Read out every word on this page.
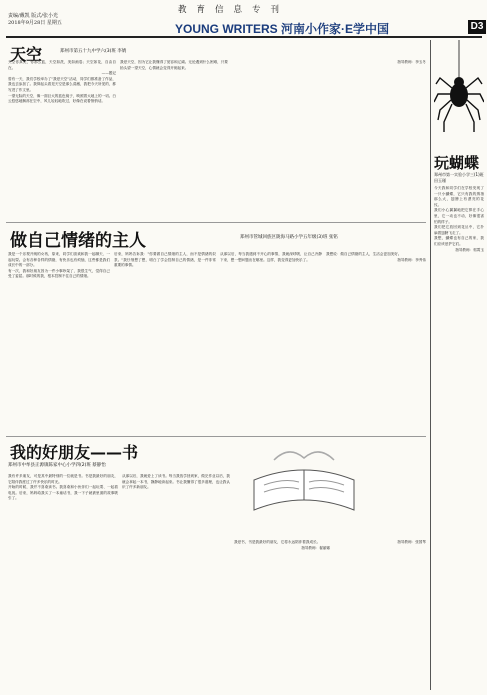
教育信息专刊
责编/戴凯 版式/张小光
2018年9月28日 星期五	YOUNG WRITERS 河南小作家·E学中国	D3
天空	郑州市第五十九中学六(3)班 李婧
天空你真美，你那么蓝，天空如洗，美如画卷；天空如花，自由自在。
——题记
曾有一天，我们学校举办了"我爱天空"活动，同学们都准备了作品，我也去参加了。我仰起头看见天空是那么清澈，我把今天所见的，都写进了作文里。
一望无际的天空，像一面巨大的蓝色镜子，映照着大地上的一切。白云悠悠地飘荡在空中，风儿轻轻地吹过，好像在说着悄悄话。
我爱天空，因为它让我懂得了宽容和辽阔。无论遇到什么困难，只要抬头望一望天空，心情就会变得开朗起来。
指导教师：李玉冬
玩蝴蝶
郑州市第一实验小学三(1)班 田玉瑾
今天我和同学们在学校发现了一只小蝴蝶，它只有我的拇指那么大，翅膀上有漂亮的花纹。
我们小心翼翼地把它捧在手心里，它一动也不动，好像很害怕的样子。
我们把它放回到花丛中，它扑扇着翅膀飞走了。
我想，蝴蝶也有自己的家，我们应该爱护它们。
指导教师：郭霄玉
做自己情绪的主人	郑州市管城回族区陇海马路小学五年级(3)班 张铭
我是一个乐观开朗的女孩，原来，同学们喜欢和我一起聊天、一起玩耍。会有各种各样的情绪，有快乐也有烦恼，这些都是我们成长中的一部分。
有一次，我和好朋友因为一件小事吵架了，我很生气，觉得自己受了委屈。那时候的我，根本控制不住自己的情绪。
后来，妈妈告诉我："你要做自己情绪的主人，而不是情绪的奴隶。"我仔细想了想，明白了学会控制自己的情绪，是一件非常重要的事情。
从那以后，每当我遇到不开心的事情，我就深呼吸，让自己冷静下来，想一想问题出在哪里。这样，我变得更加快乐了。
我想说：做自己情绪的主人，生活会更加美好。
指导教师：李秀伟
我的好朋友——书
郑州市中牟县正源镇陈家中心小学四(2)班 蔡静怡
我有许多朋友，可是其中最特别的一位就是书。书是我最好的朋友，它陪伴我度过了许多快乐的时光。
开始的时候，我并不喜欢读书。我喜欢和小伙伴们一起玩耍、一起看电视。后来，妈妈给我买了一本童话书，我一下子就被里面的故事吸引了。
从那以后，我就爱上了读书。每当我放学回到家，做完作业以后，我就会拿起一本书，静静地读起来。书让我懂得了很多道理，也让我认识了许多新朋友。
我爱书，书是我最好的朋友，它将永远陪伴着我成长。
指导教师：翟丽娜
指导教师：张国琴
